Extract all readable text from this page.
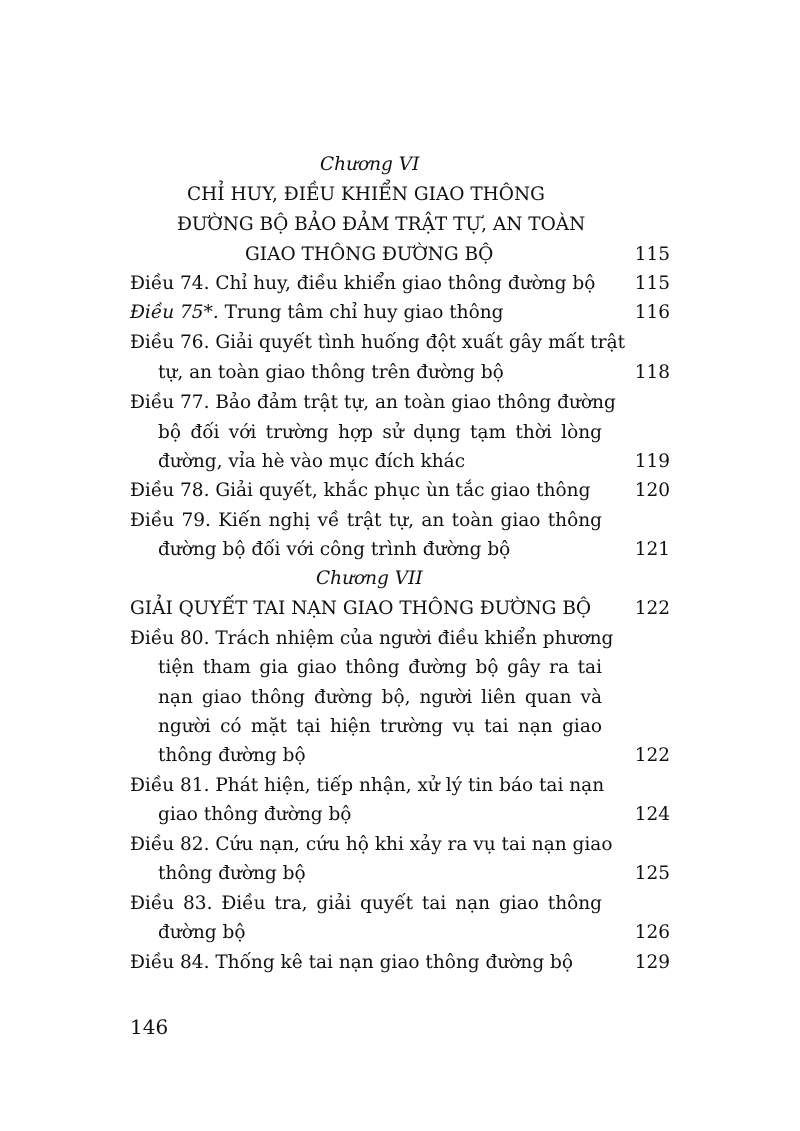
Chương VI
CHỈ HUY, ĐIỀU KHIỂN GIAO THÔNG
ĐƯỜNG BỘ BẢO ĐẢM TRẬT TỰ, AN TOÀN
GIAO THÔNG ĐƯỜNG BỘ	115
Điều 74. Chỉ huy, điều khiển giao thông đường bộ 115
Điều 75*. Trung tâm chỉ huy giao thông	116
Điều 76. Giải quyết tình huống đột xuất gây mất trật
tự, an toàn giao thông trên đường bộ	118
Điều 77. Bảo đảm trật tự, an toàn giao thông đường
bộ đối với trường hợp sử dụng tạm thời lòng
đường, vỉa hè vào mục đích khác	119
Điều 78. Giải quyết, khắc phục ùn tắc giao thông 120
Điều 79. Kiến nghị về trật tự, an toàn giao thông
đường bộ đối với công trình đường bộ	121
Chương VII
GIẢI QUYẾT TAI NẠN GIAO THÔNG ĐƯỜNG BỘ 122
Điều 80. Trách nhiệm của người điều khiển phương
tiện tham gia giao thông đường bộ gây ra tai
nạn giao thông đường bộ, người liên quan và
người có mặt tại hiện trường vụ tai nạn giao
thông đường bộ	122
Điều 81. Phát hiện, tiếp nhận, xử lý tin báo tai nạn
giao thông đường bộ	124
Điều 82. Cứu nạn, cứu hộ khi xảy ra vụ tai nạn giao
thông đường bộ	125
Điều 83. Điều tra, giải quyết tai nạn giao thông
đường bộ	126
Điều 84. Thống kê tai nạn giao thông đường bộ	129
146
